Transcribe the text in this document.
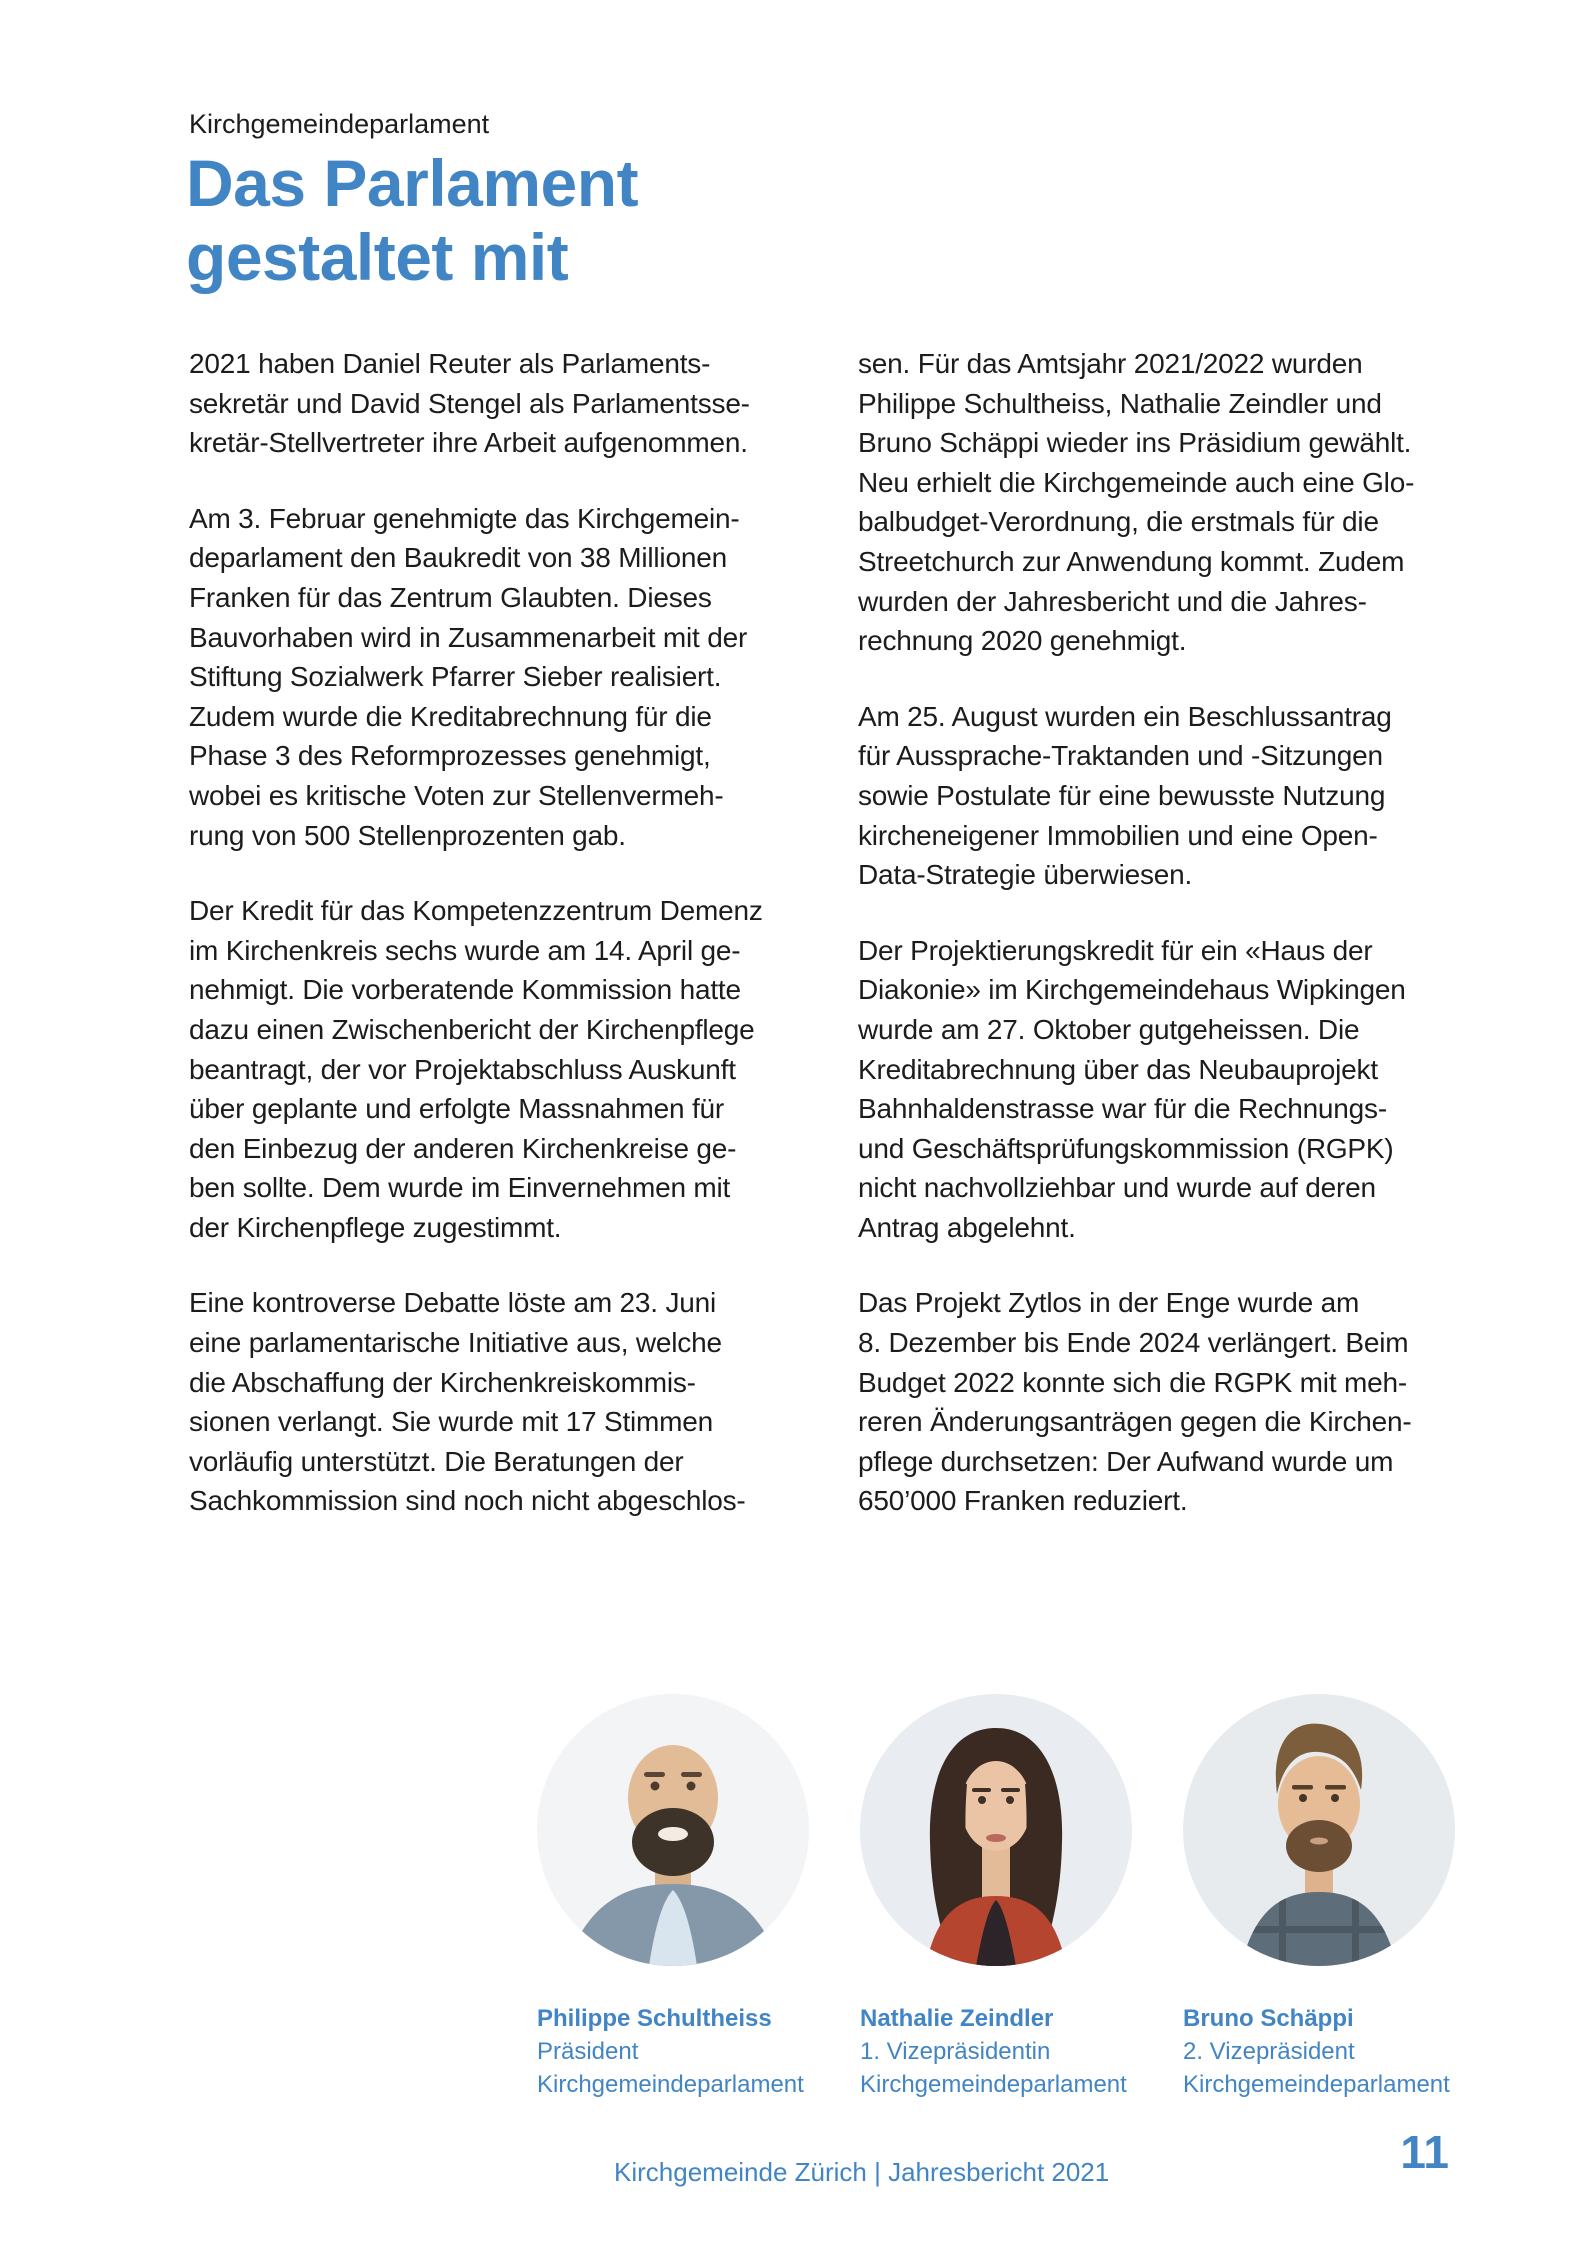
Kirchgemeindeparlament
Das Parlament
gestaltet mit

2021 haben Daniel Reuter als Parlaments-
sekretär und David Stengel als Parlamentsse-
kretär-Stellvertreter ihre Arbeit aufgenommen.

Am 3. Februar genehmigte das Kirchgemein-
deparlament den Baukredit von 38 Millionen
Franken für das Zentrum Glaubten. Dieses
Bauvorhaben wird in Zusammenarbeit mit der
Stiftung Sozialwerk Pfarrer Sieber realisiert.
Zudem wurde die Kreditabrechnung für die
Phase 3 des Reformprozesses genehmigt,
wobei es kritische Voten zur Stellenvermeh-
rung von 500 Stellenprozenten gab.

Der Kredit für das Kompetenzzentrum Demenz
im Kirchenkreis sechs wurde am 14. April ge-
nehmigt. Die vorberatende Kommission hatte
dazu einen Zwischenbericht der Kirchenpflege
beantragt, der vor Projektabschluss Auskunft
über geplante und erfolgte Massnahmen für
den Einbezug der anderen Kirchenkreise ge-
ben sollte. Dem wurde im Einvernehmen mit
der Kirchenpflege zugestimmt.

Eine kontroverse Debatte löste am 23. Juni
eine parlamentarische Initiative aus, welche
die Abschaffung der Kirchenkreiskommis-
sionen verlangt. Sie wurde mit 17 Stimmen
vorläufig unterstützt. Die Beratungen der
Sachkommission sind noch nicht abgeschlos-

sen. Für das Amtsjahr 2021/2022 wurden
Philippe Schultheiss, Nathalie Zeindler und
Bruno Schäppi wieder ins Präsidium gewählt.
Neu erhielt die Kirchgemeinde auch eine Glo-
balbudget-Verordnung, die erstmals für die
Streetchurch zur Anwendung kommt. Zudem
wurden der Jahresbericht und die Jahres-
rechnung 2020 genehmigt.

Am 25. August wurden ein Beschlussantrag
für Aussprache-Traktanden und -Sitzungen
sowie Postulate für eine bewusste Nutzung
kircheneigener Immobilien und eine Open-
Data-Strategie überwiesen.

Der Projektierungskredit für ein «Haus der
Diakonie» im Kirchgemeindehaus Wipkingen
wurde am 27. Oktober gutgeheissen. Die
Kreditabrechnung über das Neubauprojekt
Bahnhaldenstrasse war für die Rechnungs-
und Geschäftsprüfungskommission (RGPK)
nicht nachvollziehbar und wurde auf deren
Antrag abgelehnt.

Das Projekt Zytlos in der Enge wurde am
8. Dezember bis Ende 2024 verlängert. Beim
Budget 2022 konnte sich die RGPK mit meh-
reren Änderungsanträgen gegen die Kirchen-
pflege durchsetzen: Der Aufwand wurde um
650’000 Franken reduziert.

Philippe Schultheiss
Präsident
Kirchgemeindeparlament
Nathalie Zeindler
1. Vizepräsidentin
Kirchgemeindeparlament
Bruno Schäppi
2. Vizepräsident
Kirchgemeindeparlament
Kirchgemeinde Zürich | Jahresbericht 2021	11
